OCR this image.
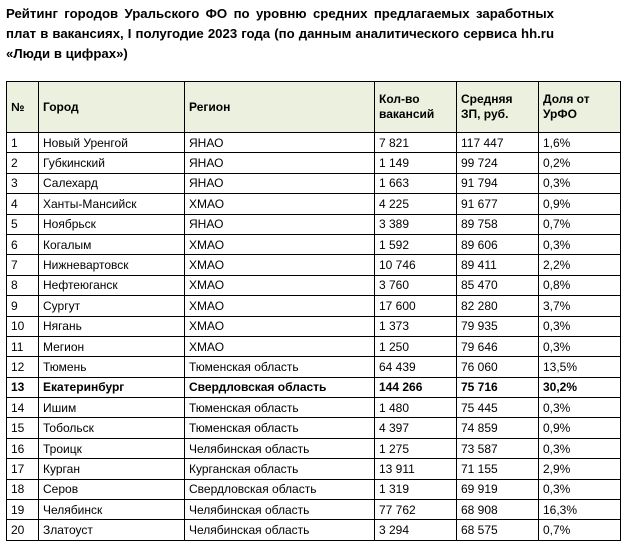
Рейтинг городов Уральского ФО по уровню средних предлагаемых заработных плат в вакансиях, I полугодие 2023 года (по данным аналитического сервиса hh.ru «Люди в цифрах»)

№	Город	Регион	Кол-во вакансий	Средняя ЗП, руб.	Доля от УрФО
1	Новый Уренгой	ЯНАО	7 821	117 447	1,6%
2	Губкинский	ЯНАО	1 149	99 724	0,2%
3	Салехард	ЯНАО	1 663	91 794	0,3%
4	Ханты-Мансийск	ХМАО	4 225	91 677	0,9%
5	Ноябрьск	ЯНАО	3 389	89 758	0,7%
6	Когалым	ХМАО	1 592	89 606	0,3%
7	Нижневартовск	ХМАО	10 746	89 411	2,2%
8	Нефтеюганск	ХМАО	3 760	85 470	0,8%
9	Сургут	ХМАО	17 600	82 280	3,7%
10	Нягань	ХМАО	1 373	79 935	0,3%
11	Мегион	ХМАО	1 250	79 646	0,3%
12	Тюмень	Тюменская область	64 439	76 060	13,5%
13	Екатеринбург	Свердловская область	144 266	75 716	30,2%
14	Ишим	Тюменская область	1 480	75 445	0,3%
15	Тобольск	Тюменская область	4 397	74 859	0,9%
16	Троицк	Челябинская область	1 275	73 587	0,3%
17	Курган	Курганская область	13 911	71 155	2,9%
18	Серов	Свердловская область	1 319	69 919	0,3%
19	Челябинск	Челябинская область	77 762	68 908	16,3%
20	Златоуст	Челябинская область	3 294	68 575	0,7%
